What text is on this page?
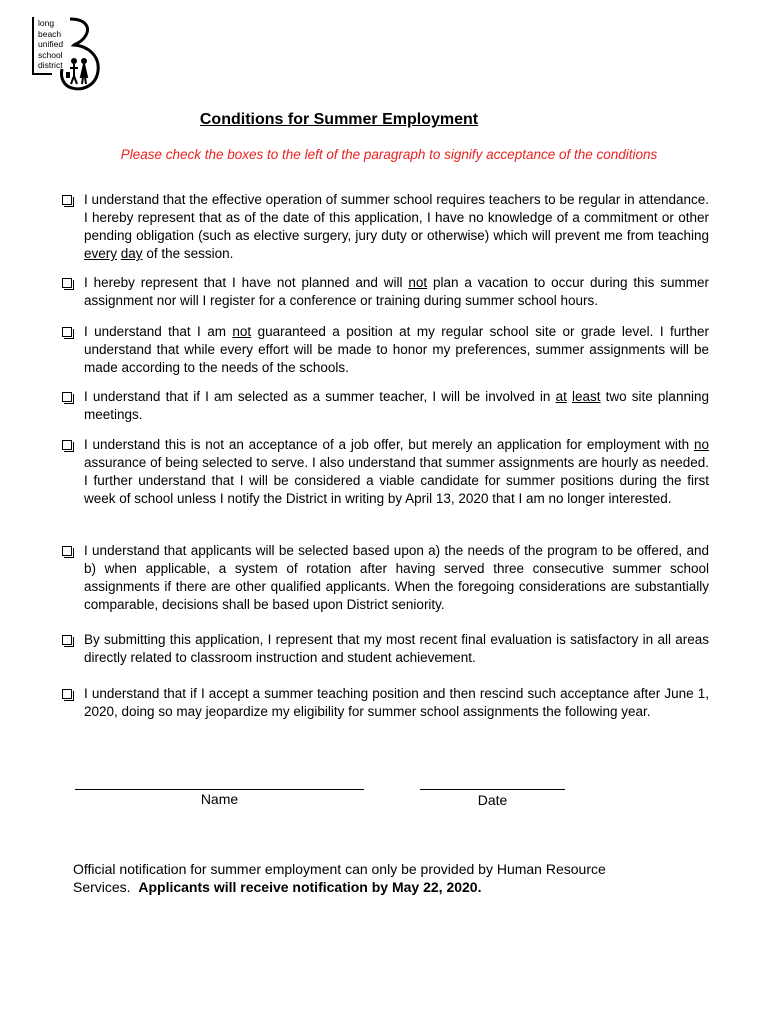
long
beach
unified
school
district
Conditions for Summer Employment
Please check the boxes to the left of the paragraph to signify acceptance of the conditions
I understand that the effective operation of summer school requires teachers to be regular in attendance. I hereby represent that as of the date of this application, I have no knowledge of a commitment or other pending obligation (such as elective surgery, jury duty or otherwise) which will prevent me from teaching every day of the session.
I hereby represent that I have not planned and will not plan a vacation to occur during this summer assignment nor will I register for a conference or training during summer school hours.
I understand that I am not guaranteed a position at my regular school site or grade level. I further understand that while every effort will be made to honor my preferences, summer assignments will be made according to the needs of the schools.
I understand that if I am selected as a summer teacher, I will be involved in at least two site planning meetings.
I understand this is not an acceptance of a job offer, but merely an application for employment with no assurance of being selected to serve. I also understand that summer assignments are hourly as needed. I further understand that I will be considered a viable candidate for summer positions during the first week of school unless I notify the District in writing by April 13, 2020 that I am no longer interested.
I understand that applicants will be selected based upon a) the needs of the program to be offered, and b) when applicable, a system of rotation after having served three consecutive summer school assignments if there are other qualified applicants. When the foregoing considerations are substantially comparable, decisions shall be based upon District seniority.
By submitting this application, I represent that my most recent final evaluation is satisfactory in all areas directly related to classroom instruction and student achievement.
I understand that if I accept a summer teaching position and then rescind such acceptance after June 1, 2020, doing so may jeopardize my eligibility for summer school assignments the following year.
Name	Date
Official notification for summer employment can only be provided by Human Resource Services. Applicants will receive notification by May 22, 2020.
